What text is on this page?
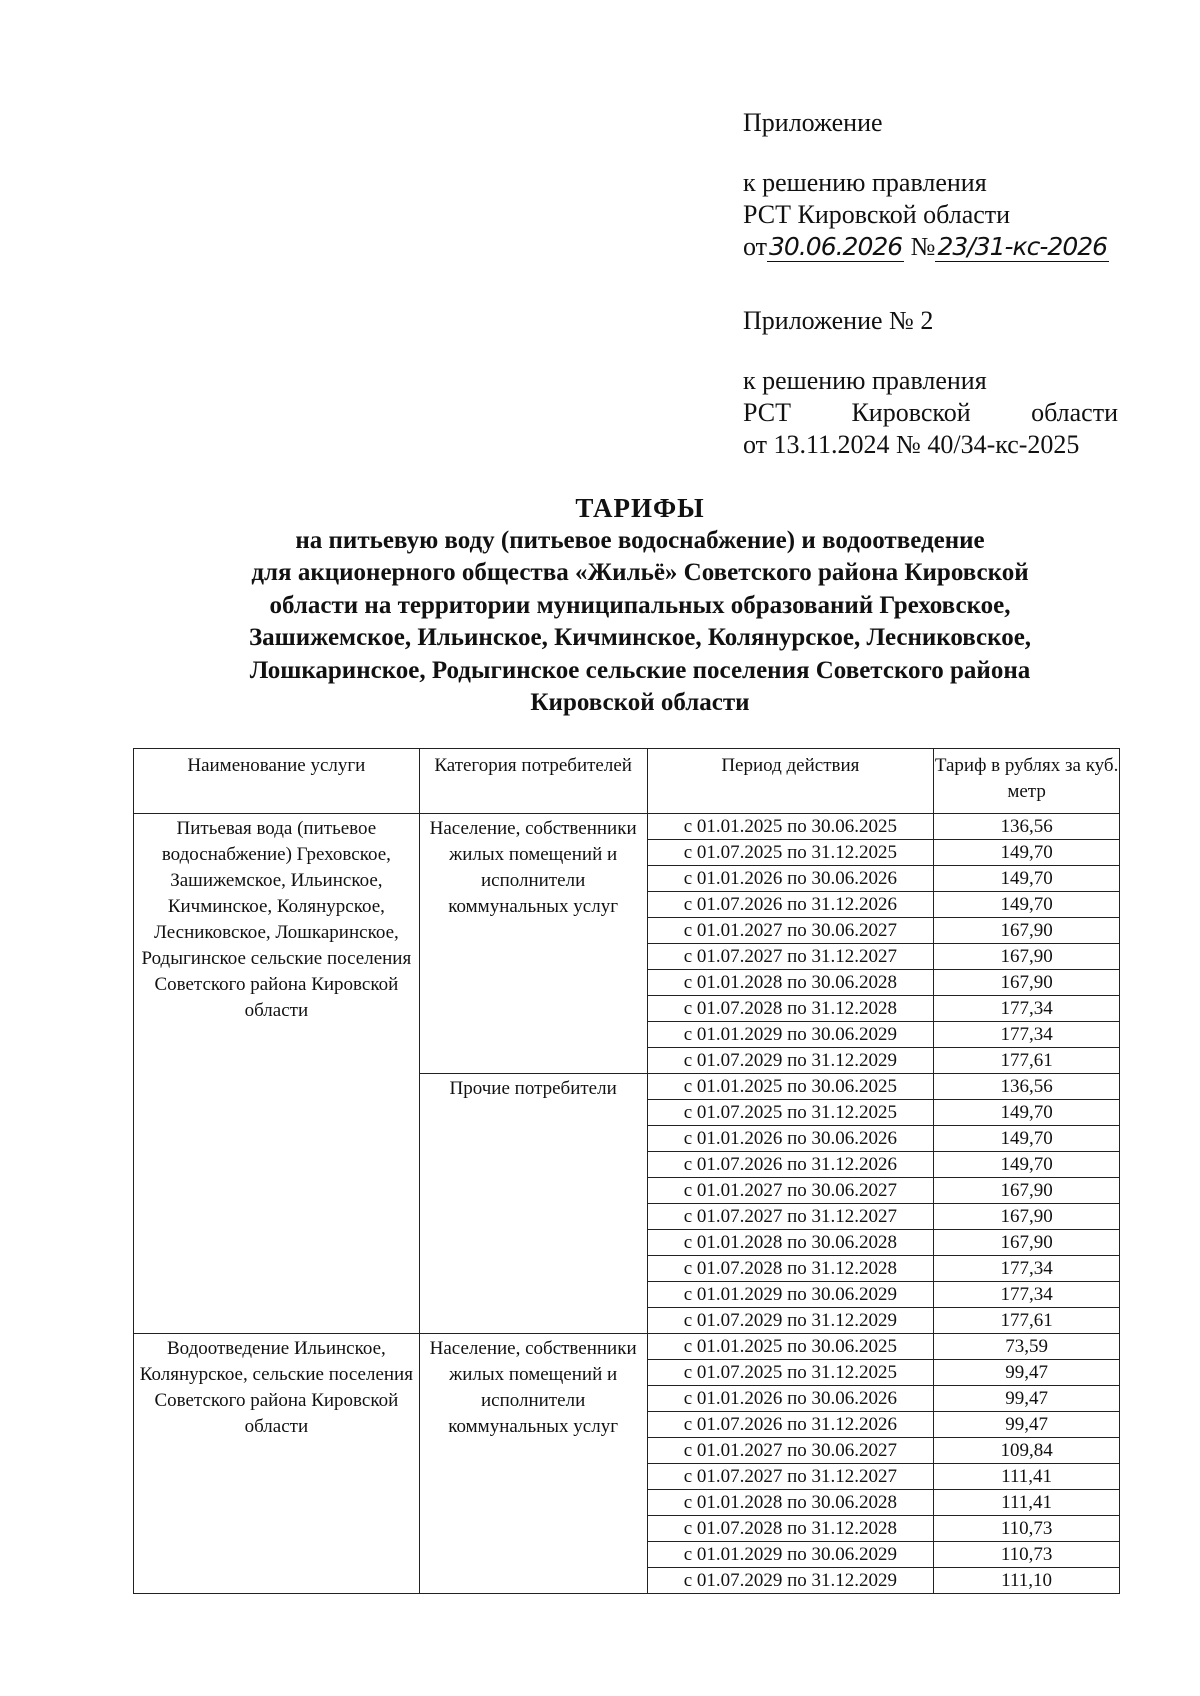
Приложение

к решению правления

РСТ Кировской области

от30.06.2026 №23/31-кс-2026

Приложение № 2

к решению правления

РСТ Кировской области

от 13.11.2024 № 40/34-кс-2025

ТАРИФЫ
на питьевую воду (питьевое водоснабжение) и водоотведение
для акционерного общества «Жильё» Советского района Кировской
области на территории муниципальных образований Греховское,
Зашижемское, Ильинское, Кичминское, Колянурское, Лесниковское,
Лошкаринское, Родыгинское сельские поселения Советского района
Кировской области
Наименование услуги	Категория потребителей	Период действия	Тариф в рублях за куб. метр
Питьевая вода (питьевое водоснабжение) Греховское, Зашижемское, Ильинское, Кичминское, Колянурское, Лесниковское, Лошкаринское, Родыгинское сельские поселения Советского района Кировской области	Население, собственники жилых помещений и исполнители коммунальных услуг	с 01.01.2025 по 30.06.2025	136,56
		с 01.07.2025 по 31.12.2025	149,70
		с 01.01.2026 по 30.06.2026	149,70
		с 01.07.2026 по 31.12.2026	149,70
		с 01.01.2027 по 30.06.2027	167,90
		с 01.07.2027 по 31.12.2027	167,90
		с 01.01.2028 по 30.06.2028	167,90
		с 01.07.2028 по 31.12.2028	177,34
		с 01.01.2029 по 30.06.2029	177,34
		с 01.07.2029 по 31.12.2029	177,61
	Прочие потребители	с 01.01.2025 по 30.06.2025	136,56
		с 01.07.2025 по 31.12.2025	149,70
		с 01.01.2026 по 30.06.2026	149,70
		с 01.07.2026 по 31.12.2026	149,70
		с 01.01.2027 по 30.06.2027	167,90
		с 01.07.2027 по 31.12.2027	167,90
		с 01.01.2028 по 30.06.2028	167,90
		с 01.07.2028 по 31.12.2028	177,34
		с 01.01.2029 по 30.06.2029	177,34
		с 01.07.2029 по 31.12.2029	177,61
Водоотведение Ильинское, Колянурское, сельские поселения Советского района Кировской области	Население, собственники жилых помещений и исполнители коммунальных услуг	с 01.01.2025 по 30.06.2025	73,59
		с 01.07.2025 по 31.12.2025	99,47
		с 01.01.2026 по 30.06.2026	99,47
		с 01.07.2026 по 31.12.2026	99,47
		с 01.01.2027 по 30.06.2027	109,84
		с 01.07.2027 по 31.12.2027	111,41
		с 01.01.2028 по 30.06.2028	111,41
		с 01.07.2028 по 31.12.2028	110,73
		с 01.01.2029 по 30.06.2029	110,73
		с 01.07.2029 по 31.12.2029	111,10
